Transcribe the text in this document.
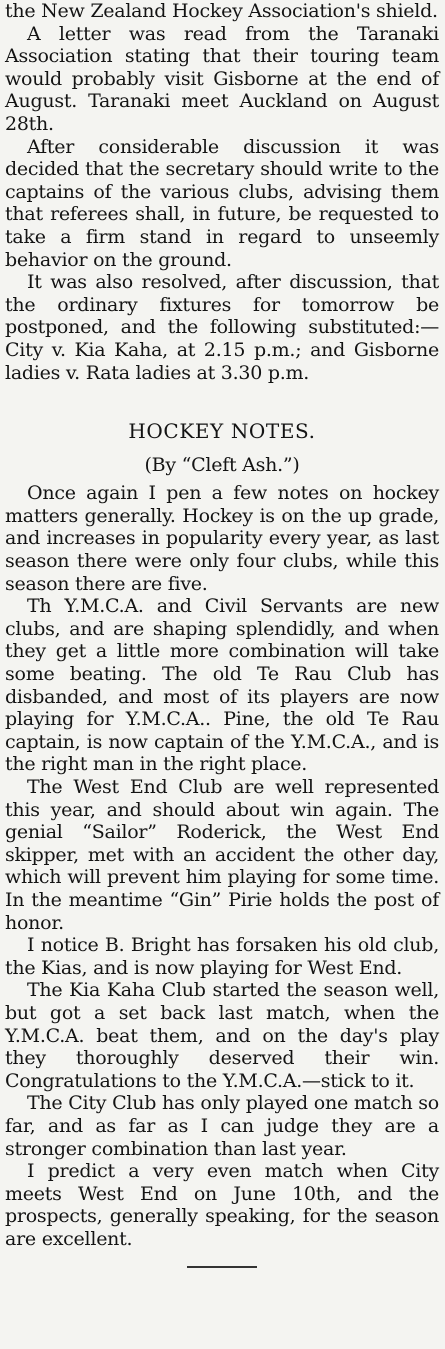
the New Zealand Hockey Association's shield.

A letter was read from the Taranaki Association stating that their touring team would probably visit Gisborne at the end of August. Taranaki meet Auckland on August 28th.

After considerable discussion it was decided that the secretary should write to the captains of the various clubs, advising them that referees shall, in future, be requested to take a firm stand in regard to unseemly behavior on the ground.

It was also resolved, after discussion, that the ordinary fixtures for tomorrow be postponed, and the following substituted:—City v. Kia Kaha, at 2.15 p.m.; and Gisborne ladies v. Rata ladies at 3.30 p.m.

HOCKEY NOTES.
(By “Cleft Ash.”)

Once again I pen a few notes on hockey matters generally. Hockey is on the up grade, and increases in popularity every year, as last season there were only four clubs, while this season there are five.

Th Y.M.C.A. and Civil Servants are new clubs, and are shaping splendidly, and when they get a little more combination will take some beating. The old Te Rau Club has disbanded, and most of its players are now playing for Y.M.C.A.. Pine, the old Te Rau captain, is now captain of the Y.M.C.A., and is the right man in the right place.

The West End Club are well represented this year, and should about win again. The genial “Sailor” Roderick, the West End skipper, met with an accident the other day, which will prevent him playing for some time. In the meantime “Gin” Pirie holds the post of honor.

I notice B. Bright has forsaken his old club, the Kias, and is now playing for West End.

The Kia Kaha Club started the season well, but got a set back last match, when the Y.M.C.A. beat them, and on the day's play they thoroughly deserved their win. Congratulations to the Y.M.C.A.—stick to it.

The City Club has only played one match so far, and as far as I can judge they are a stronger combination than last year.

I predict a very even match when City meets West End on June 10th, and the prospects, generally speaking, for the season are excellent.
